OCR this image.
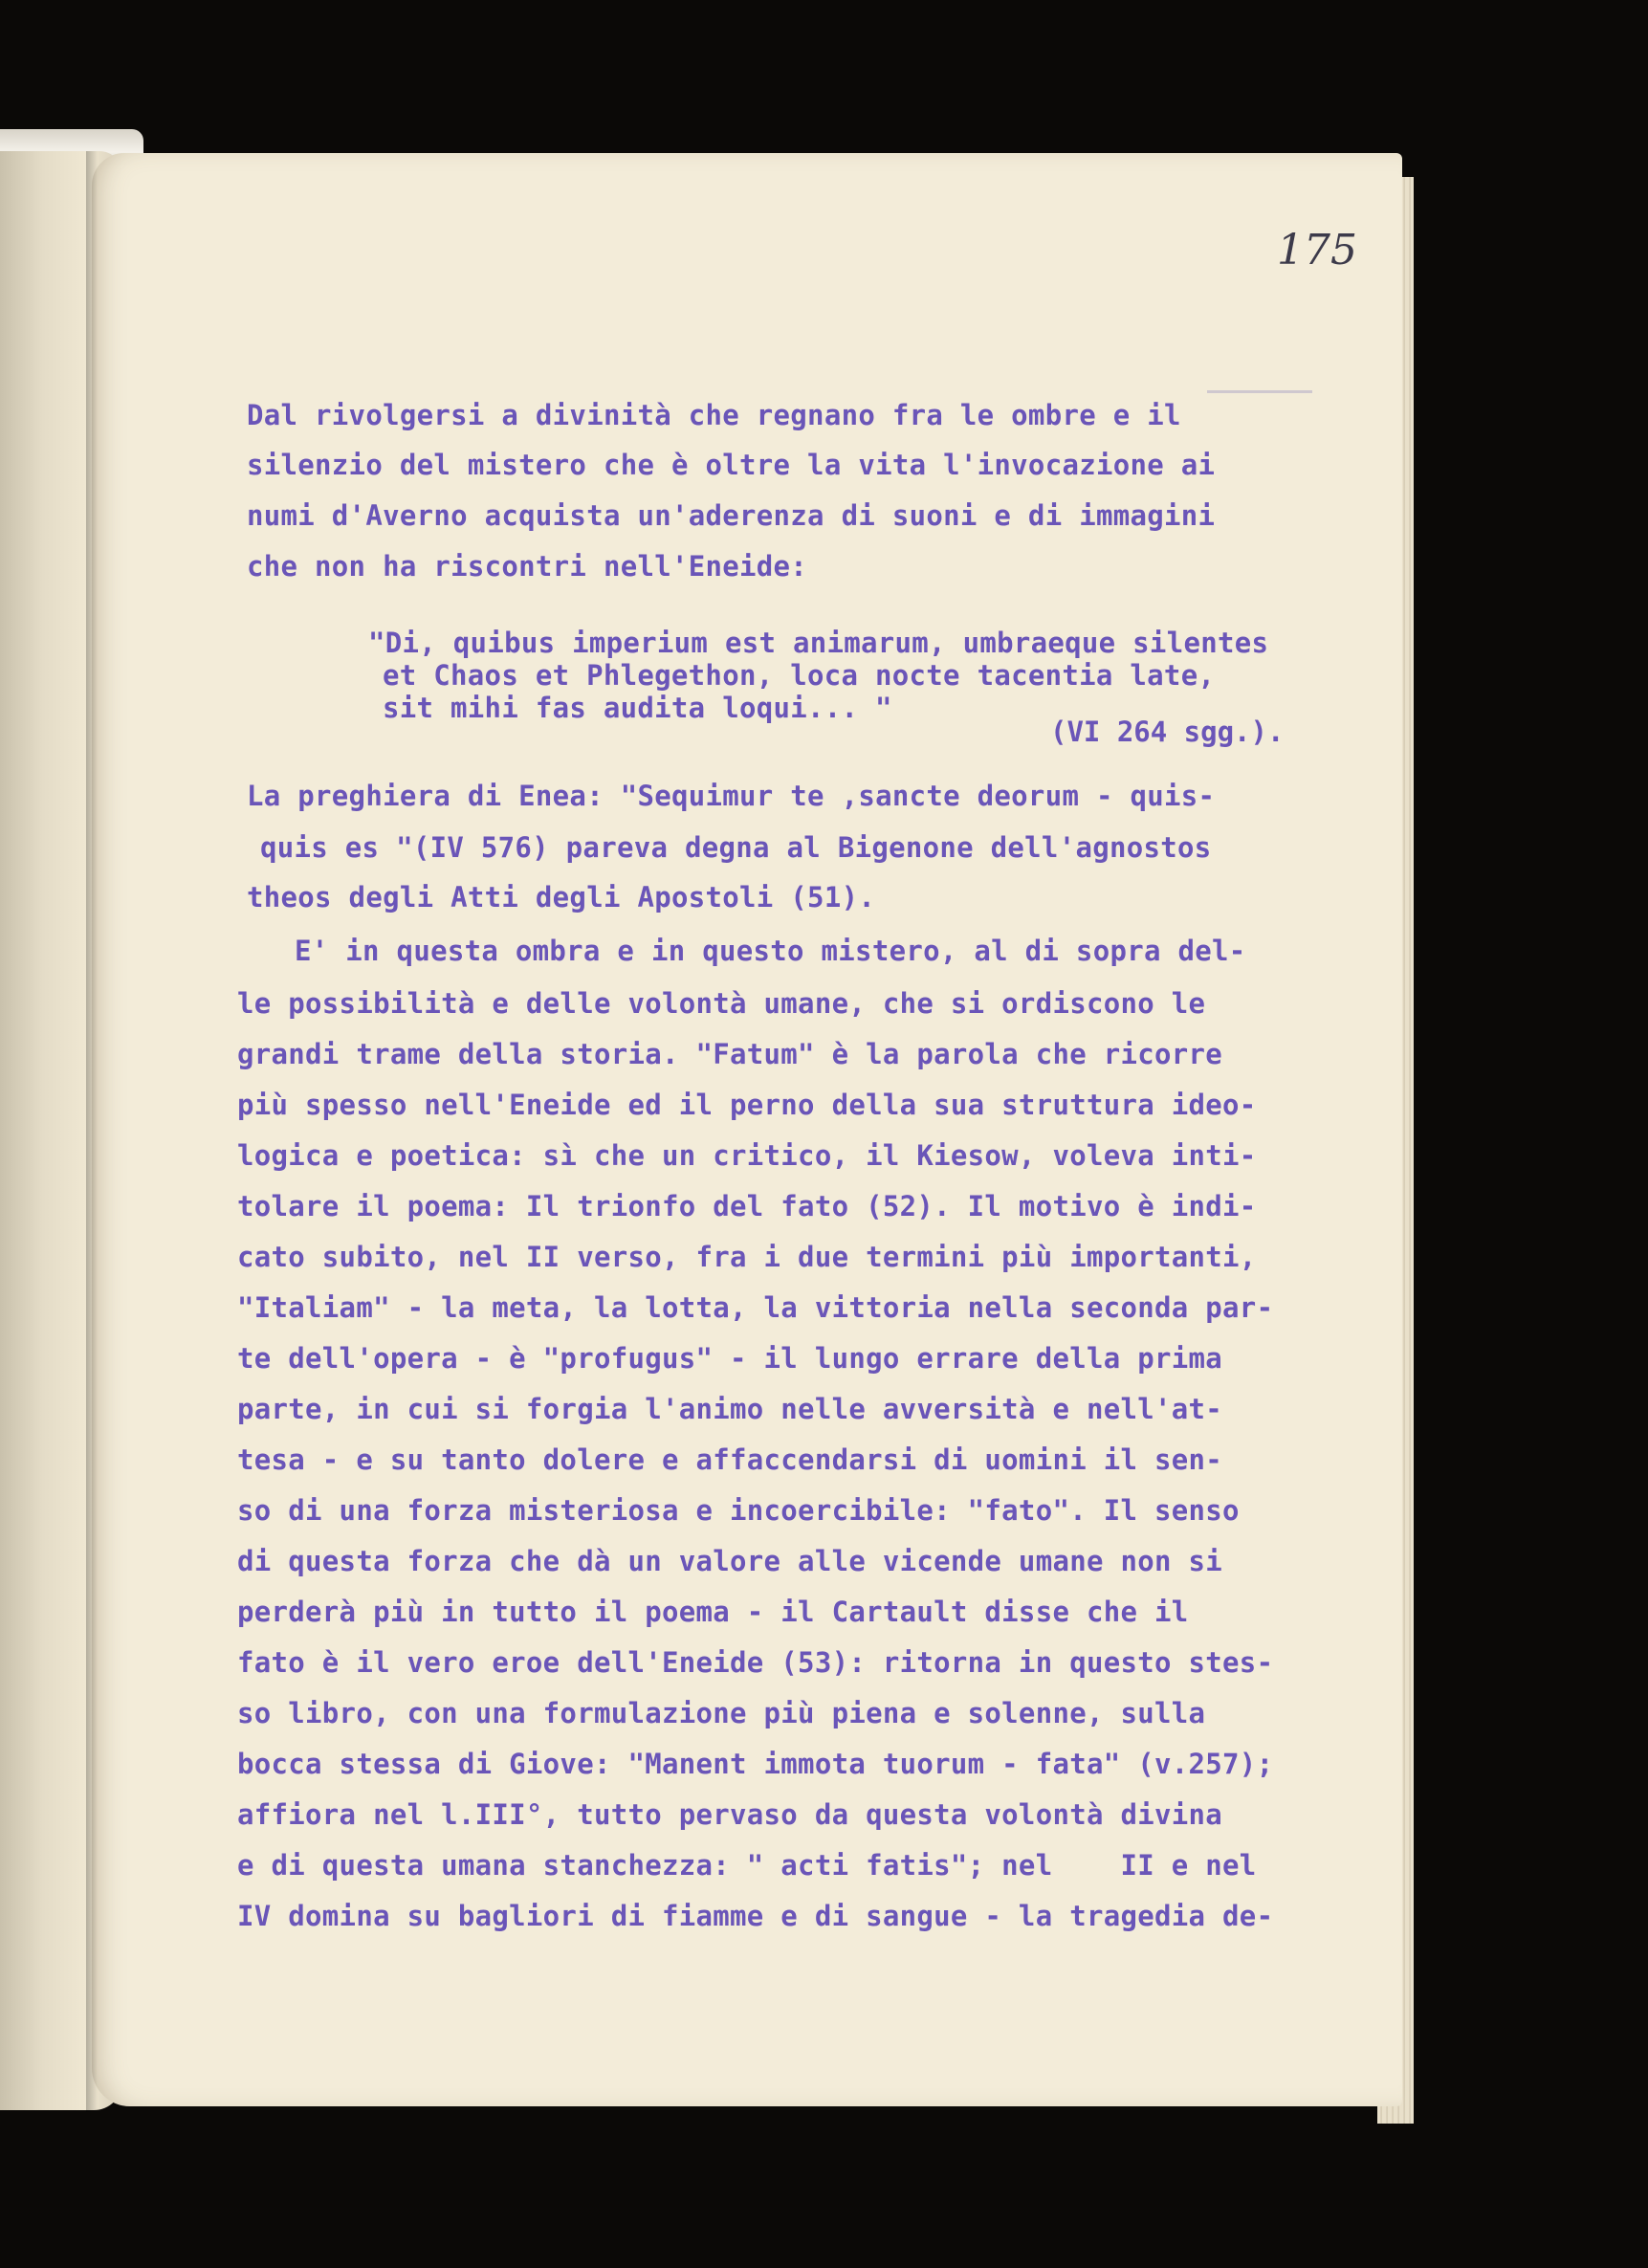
175
Dal rivolgersi a divinità che regnano fra le ombre e il
silenzio del mistero che è oltre la vita l'invocazione ai
numi d'Averno acquista un'aderenza di suoni e di immagini
che non ha riscontri nell'Eneide:
"Di, quibus imperium est animarum, umbraeque silentes
et Chaos et Phlegethon, loca nocte tacentia late,
sit mihi fas audita loqui... "
(VI 264 sgg.).
La preghiera di Enea: "Sequimur te ,sancte deorum - quis-
quis es "(IV 576) pareva degna al Bigenone dell'agnostos
theos degli Atti degli Apostoli (51).
E' in questa ombra e in questo mistero, al di sopra del-
le possibilità e delle volontà umane, che si ordiscono le
grandi trame della storia. "Fatum" è la parola che ricorre
più spesso nell'Eneide ed il perno della sua struttura ideo-
logica e poetica: sì che un critico, il Kiesow, voleva inti-
tolare il poema: Il trionfo del fato (52). Il motivo è indi-
cato subito, nel II verso, fra i due termini più importanti,
"Italiam" - la meta, la lotta, la vittoria nella seconda par-
te dell'opera - è "profugus" - il lungo errare della prima
parte, in cui si forgia l'animo nelle avversità e nell'at-
tesa - e su tanto dolere e affaccendarsi di uomini il sen-
so di una forza misteriosa e incoercibile: "fato". Il senso
di questa forza che dà un valore alle vicende umane non si
perderà più in tutto il poema - il Cartault disse che il
fato è il vero eroe dell'Eneide (53): ritorna in questo stes-
so libro, con una formulazione più piena e solenne, sulla
bocca stessa di Giove: "Manent immota tuorum - fata" (v.257);
affiora nel l.III°, tutto pervaso da questa volontà divina
e di questa umana stanchezza: " acti fatis"; nel    II e nel
IV domina su bagliori di fiamme e di sangue - la tragedia de-
